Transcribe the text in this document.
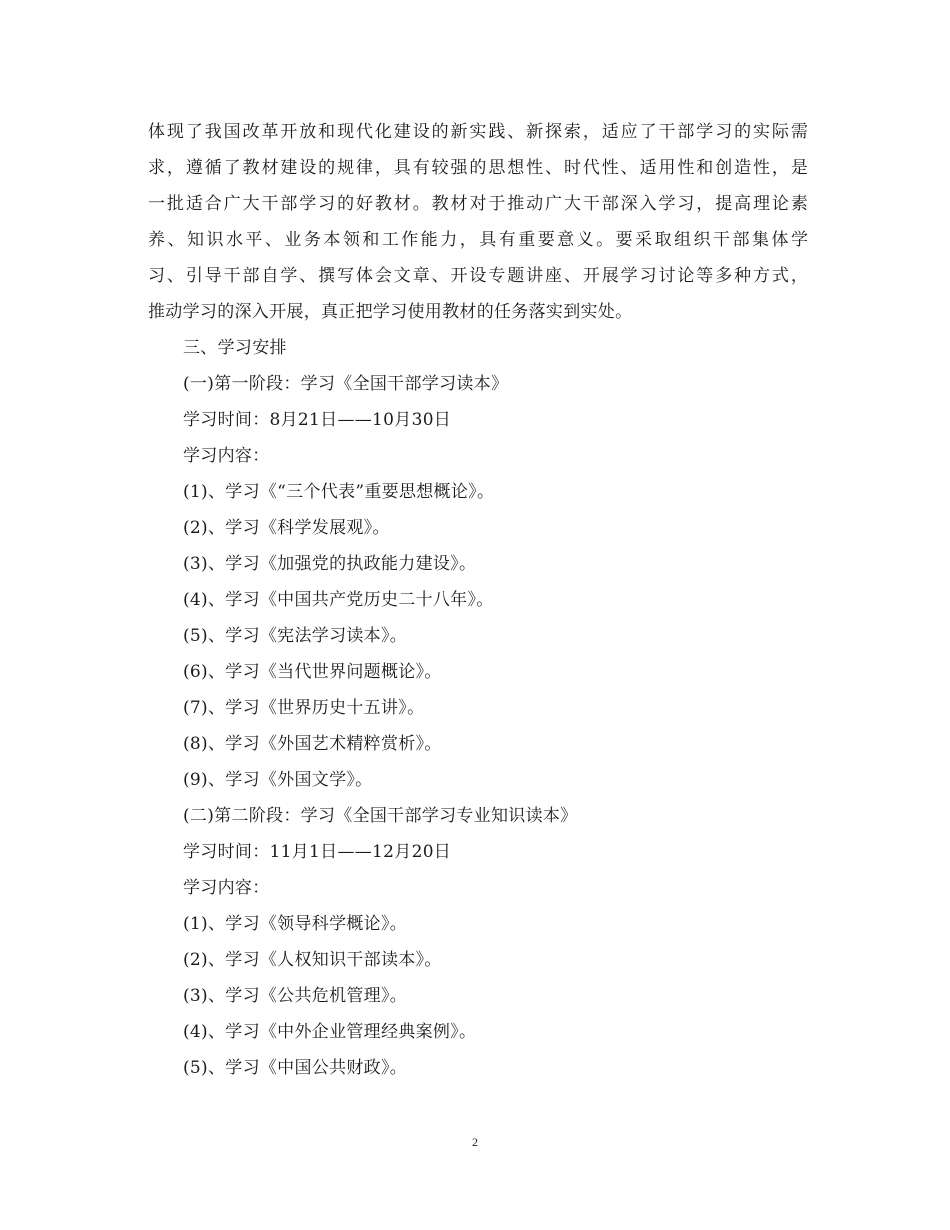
体 现 了 我 国 改 革 开 放 和 现 代 化 建 设 的 新 实 践 、 新 探 索 ， 适 应 了 干 部 学 习 的 实 际 需
求 ， 遵 循 了 教 材 建 设 的 规 律 ， 具 有 较 强 的 思 想 性 、 时 代 性 、 适 用 性 和 创 造 性 ， 是
一 批 适 合 广 大 干 部 学 习 的 好 教 材 。 教 材 对 于 推 动 广 大 干 部 深 入 学 习 ， 提 高 理 论 素
养 、 知 识 水 平 、 业 务 本 领 和 工 作 能 力 ， 具 有 重 要 意 义 。 要 采 取 组 织 干 部 集 体 学
习 、 引 导 干 部 自 学 、 撰 写 体 会 文 章 、 开 设 专 题 讲 座 、 开 展 学 习 讨 论 等 多 种 方 式 ，
推动学习的深入开展，真正把学习使用教材的任务落实到实处。
三、学习安排
(一)第一阶段：学习《全国干部学习读本》
学习时间：8月21日——10月30日
学习内容：
(1)、学习《“三个代表”重要思想概论》。
(2)、学习《科学发展观》。
(3)、学习《加强党的执政能力建设》。
(4)、学习《中国共产党历史二十八年》。
(5)、学习《宪法学习读本》。
(6)、学习《当代世界问题概论》。
(7)、学习《世界历史十五讲》。
(8)、学习《外国艺术精粹赏析》。
(9)、学习《外国文学》。
(二)第二阶段：学习《全国干部学习专业知识读本》
学习时间：11月1日——12月20日
学习内容：
(1)、学习《领导科学概论》。
(2)、学习《人权知识干部读本》。
(3)、学习《公共危机管理》。
(4)、学习《中外企业管理经典案例》。
(5)、学习《中国公共财政》。
2
